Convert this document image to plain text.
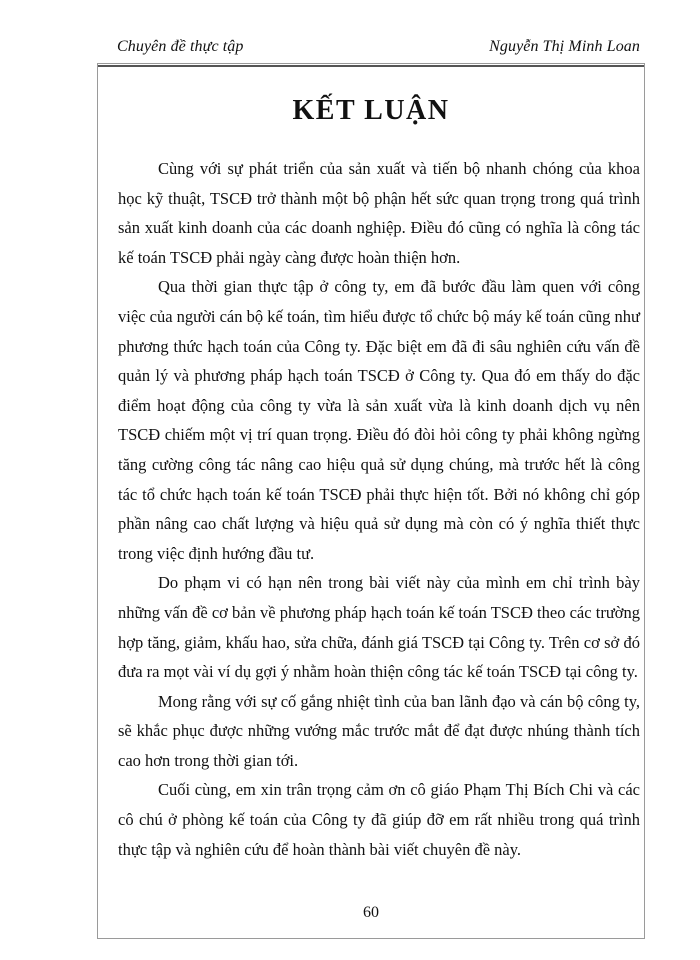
Chuyên đề thực tập	Nguyễn Thị Minh Loan
KẾT LUẬN

Cùng với sự phát triển của sản xuất và tiến bộ nhanh chóng của khoa học kỹ thuật, TSCĐ trở thành một bộ phận hết sức quan trọng trong quá trình sản xuất kinh doanh của các doanh nghiệp. Điều đó cũng có nghĩa là công tác kế toán TSCĐ phải ngày càng được hoàn thiện hơn.

Qua thời gian thực tập ở công ty, em đã bước đầu làm quen với công việc của người cán bộ kế toán, tìm hiểu được tổ chức bộ máy kế toán cũng như phương thức hạch toán của Công ty. Đặc biệt em đã đi sâu nghiên cứu vấn đề quản lý và phương pháp hạch toán TSCĐ ở Công ty. Qua đó em thấy do đặc điểm hoạt động của công ty vừa là sản xuất vừa là kinh doanh dịch vụ nên TSCĐ chiếm một vị trí quan trọng. Điều đó đòi hỏi công ty phải không ngừng tăng cường công tác nâng cao hiệu quả sử dụng chúng, mà trước hết là công tác tổ chức hạch toán kế toán TSCĐ phải thực hiện tốt. Bởi nó không chỉ góp phần nâng cao chất lượng và hiệu quả sử dụng mà còn có ý nghĩa thiết thực trong việc định hướng đầu tư.

Do phạm vi có hạn nên trong bài viết này của mình em chỉ trình bày những vấn đề cơ bản về phương pháp hạch toán kế toán TSCĐ theo các trường hợp tăng, giảm, khấu hao, sửa chữa, đánh giá TSCĐ tại Công ty. Trên cơ sở đó đưa ra mọt vài ví dụ gợi ý nhằm hoàn thiện công tác kế toán TSCĐ tại công ty.

Mong rằng với sự cố gắng nhiệt tình của ban lãnh đạo và cán bộ công ty, sẽ khắc phục được những vướng mắc trước mắt để đạt được nhúng thành tích cao hơn trong thời gian tới.

Cuối cùng, em xin trân trọng cảm ơn cô giáo Phạm Thị Bích Chi và các cô chú ở phòng kế toán của Công ty đã giúp đỡ em rất nhiều trong quá trình thực tập và nghiên cứu để hoàn thành bài viết chuyên đề này.

60
